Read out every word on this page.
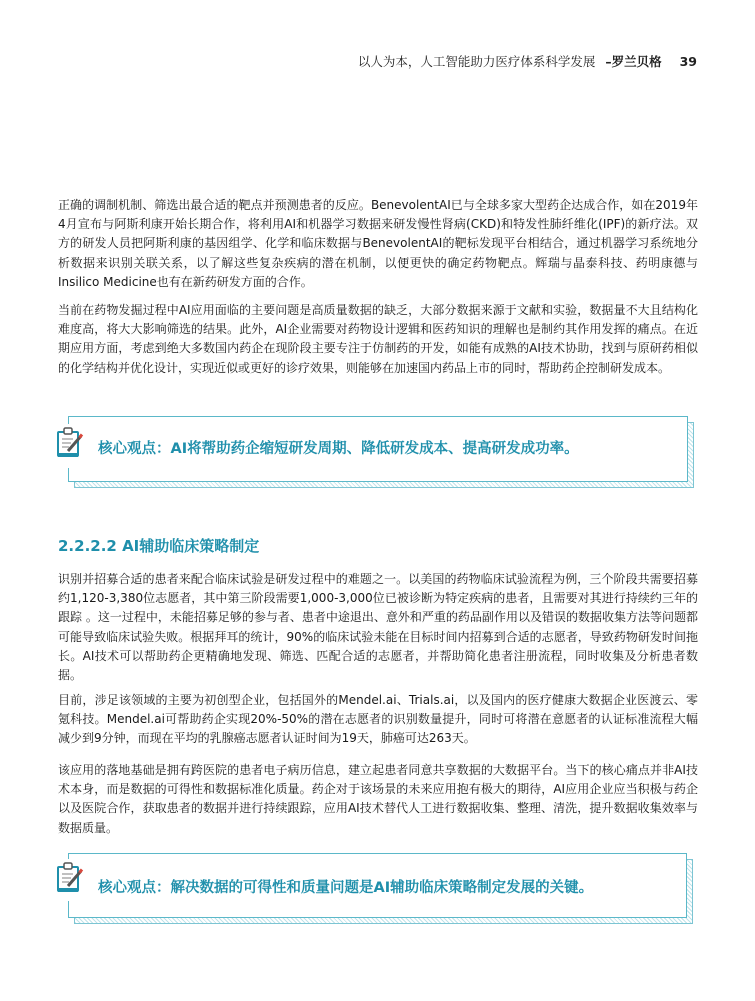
以人为本，人工智能助力医疗体系科学发展 –罗兰贝格 39

正确的调制机制、筛选出最合适的靶点并预测患者的反应。BenevolentAI已与全球多家大型药企达成合作，如在2019年4月宣布与阿斯利康开始长期合作，将利用AI和机器学习数据来研发慢性肾病(CKD)和特发性肺纤维化(IPF)的新疗法。双方的研发人员把阿斯利康的基因组学、化学和临床数据与BenevolentAI的靶标发现平台相结合，通过机器学习系统地分析数据来识别关联关系，以了解这些复杂疾病的潜在机制，以便更快的确定药物靶点。辉瑞与晶泰科技、药明康德与Insilico Medicine也有在新药研发方面的合作。

当前在药物发掘过程中AI应用面临的主要问题是高质量数据的缺乏，大部分数据来源于文献和实验，数据量不大且结构化难度高，将大大影响筛选的结果。此外，AI企业需要对药物设计逻辑和医药知识的理解也是制约其作用发挥的痛点。在近期应用方面，考虑到绝大多数国内药企在现阶段主要专注于仿制药的开发，如能有成熟的AI技术协助，找到与原研药相似的化学结构并优化设计，实现近似或更好的诊疗效果，则能够在加速国内药品上市的同时，帮助药企控制研发成本。

核心观点：AI将帮助药企缩短研发周期、降低研发成本、提高研发成功率。
2.2.2.2 AI辅助临床策略制定

识别并招募合适的患者来配合临床试验是研发过程中的难题之一。以美国的药物临床试验流程为例，三个阶段共需要招募约1,120-3,380位志愿者，其中第三阶段需要1,000-3,000位已被诊断为特定疾病的患者，且需要对其进行持续约三年的跟踪 。这一过程中，未能招募足够的参与者、患者中途退出、意外和严重的药品副作用以及错误的数据收集方法等问题都可能导致临床试验失败。根据拜耳的统计，90%的临床试验未能在目标时间内招募到合适的志愿者，导致药物研发时间拖长。AI技术可以帮助药企更精确地发现、筛选、匹配合适的志愿者，并帮助简化患者注册流程，同时收集及分析患者数据。

目前，涉足该领域的主要为初创型企业，包括国外的Mendel.ai、Trials.ai，以及国内的医疗健康大数据企业医渡云、零氪科技。Mendel.ai可帮助药企实现20%-50%的潜在志愿者的识别数量提升，同时可将潜在意愿者的认证标准流程大幅减少到9分钟，而现在平均的乳腺癌志愿者认证时间为19天，肺癌可达263天。

该应用的落地基础是拥有跨医院的患者电子病历信息，建立起患者同意共享数据的大数据平台。当下的核心痛点并非AI技术本身，而是数据的可得性和数据标准化质量。药企对于该场景的未来应用抱有极大的期待，AI应用企业应当积极与药企以及医院合作，获取患者的数据并进行持续跟踪，应用AI技术替代人工进行数据收集、整理、清洗，提升数据收集效率与数据质量。

核心观点：解决数据的可得性和质量问题是AI辅助临床策略制定发展的关键。
